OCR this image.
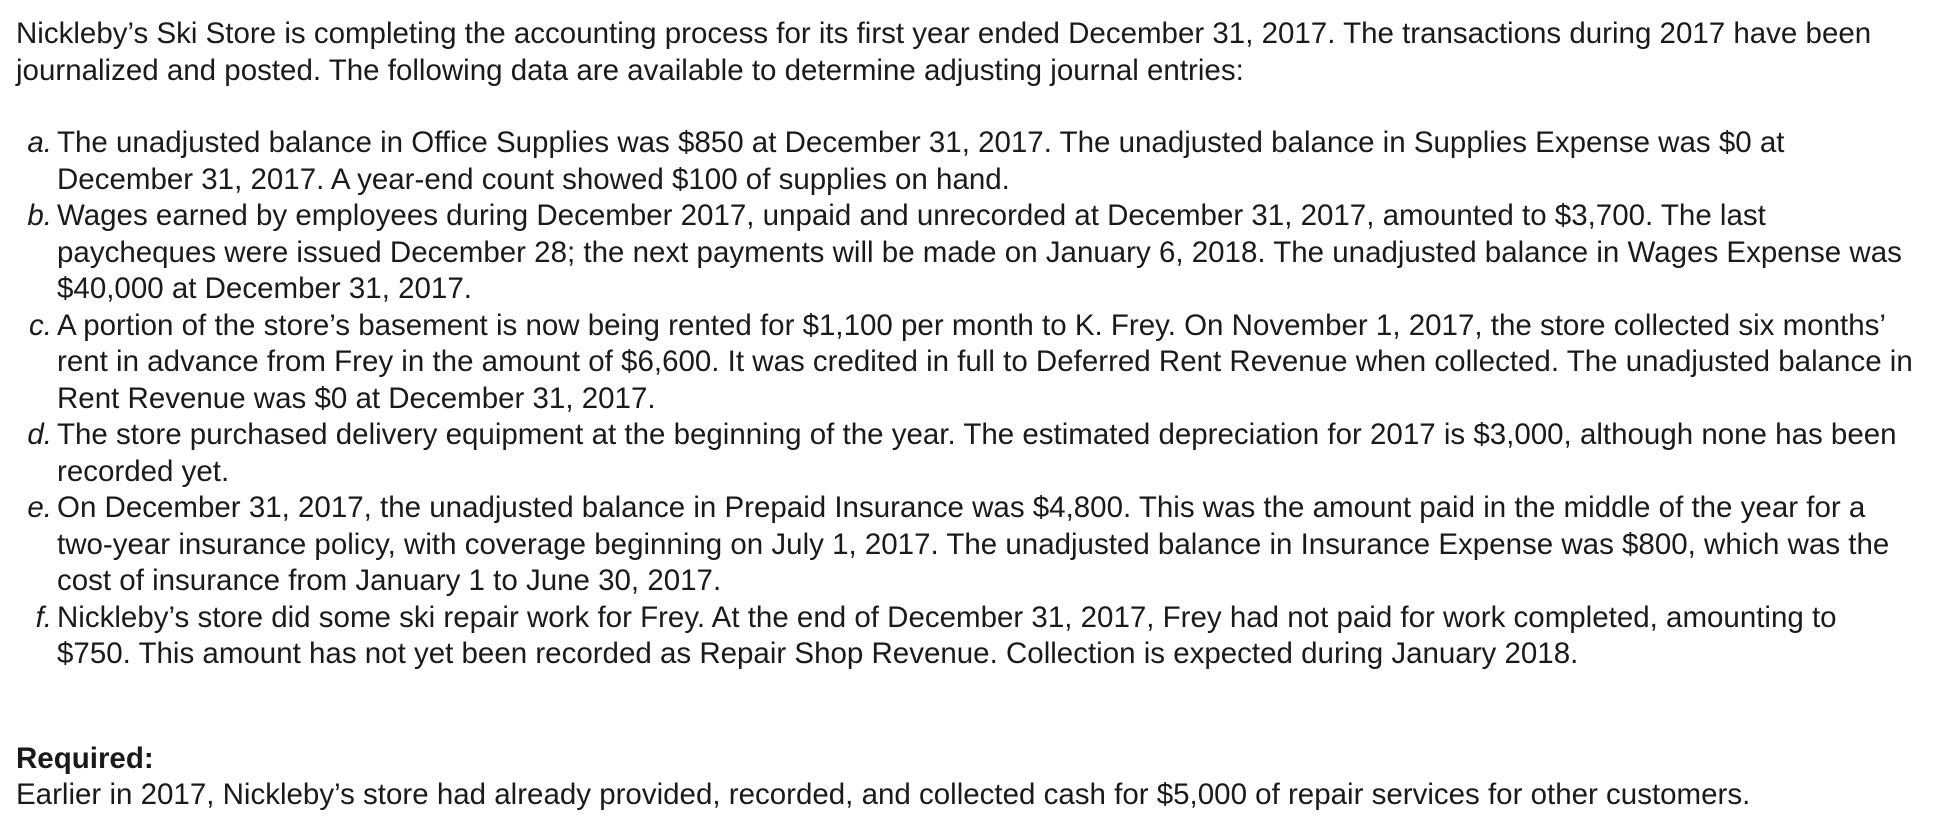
Nickleby’s Ski Store is completing the accounting process for its first year ended December 31, 2017. The transactions during 2017 have been journalized and posted. The following data are available to determine adjusting journal entries:

a. The unadjusted balance in Office Supplies was $850 at December 31, 2017. The unadjusted balance in Supplies Expense was $0 at December 31, 2017. A year-end count showed $100 of supplies on hand.
b. Wages earned by employees during December 2017, unpaid and unrecorded at December 31, 2017, amounted to $3,700. The last paycheques were issued December 28; the next payments will be made on January 6, 2018. The unadjusted balance in Wages Expense was $40,000 at December 31, 2017.
c. A portion of the store’s basement is now being rented for $1,100 per month to K. Frey. On November 1, 2017, the store collected six months’ rent in advance from Frey in the amount of $6,600. It was credited in full to Deferred Rent Revenue when collected. The unadjusted balance in Rent Revenue was $0 at December 31, 2017.
d. The store purchased delivery equipment at the beginning of the year. The estimated depreciation for 2017 is $3,000, although none has been recorded yet.
e. On December 31, 2017, the unadjusted balance in Prepaid Insurance was $4,800. This was the amount paid in the middle of the year for a two-year insurance policy, with coverage beginning on July 1, 2017. The unadjusted balance in Insurance Expense was $800, which was the cost of insurance from January 1 to June 30, 2017.
f. Nickleby’s store did some ski repair work for Frey. At the end of December 31, 2017, Frey had not paid for work completed, amounting to $750. This amount has not yet been recorded as Repair Shop Revenue. Collection is expected during January 2018.

Required:

Earlier in 2017, Nickleby’s store had already provided, recorded, and collected cash for $5,000 of repair services for other customers.
